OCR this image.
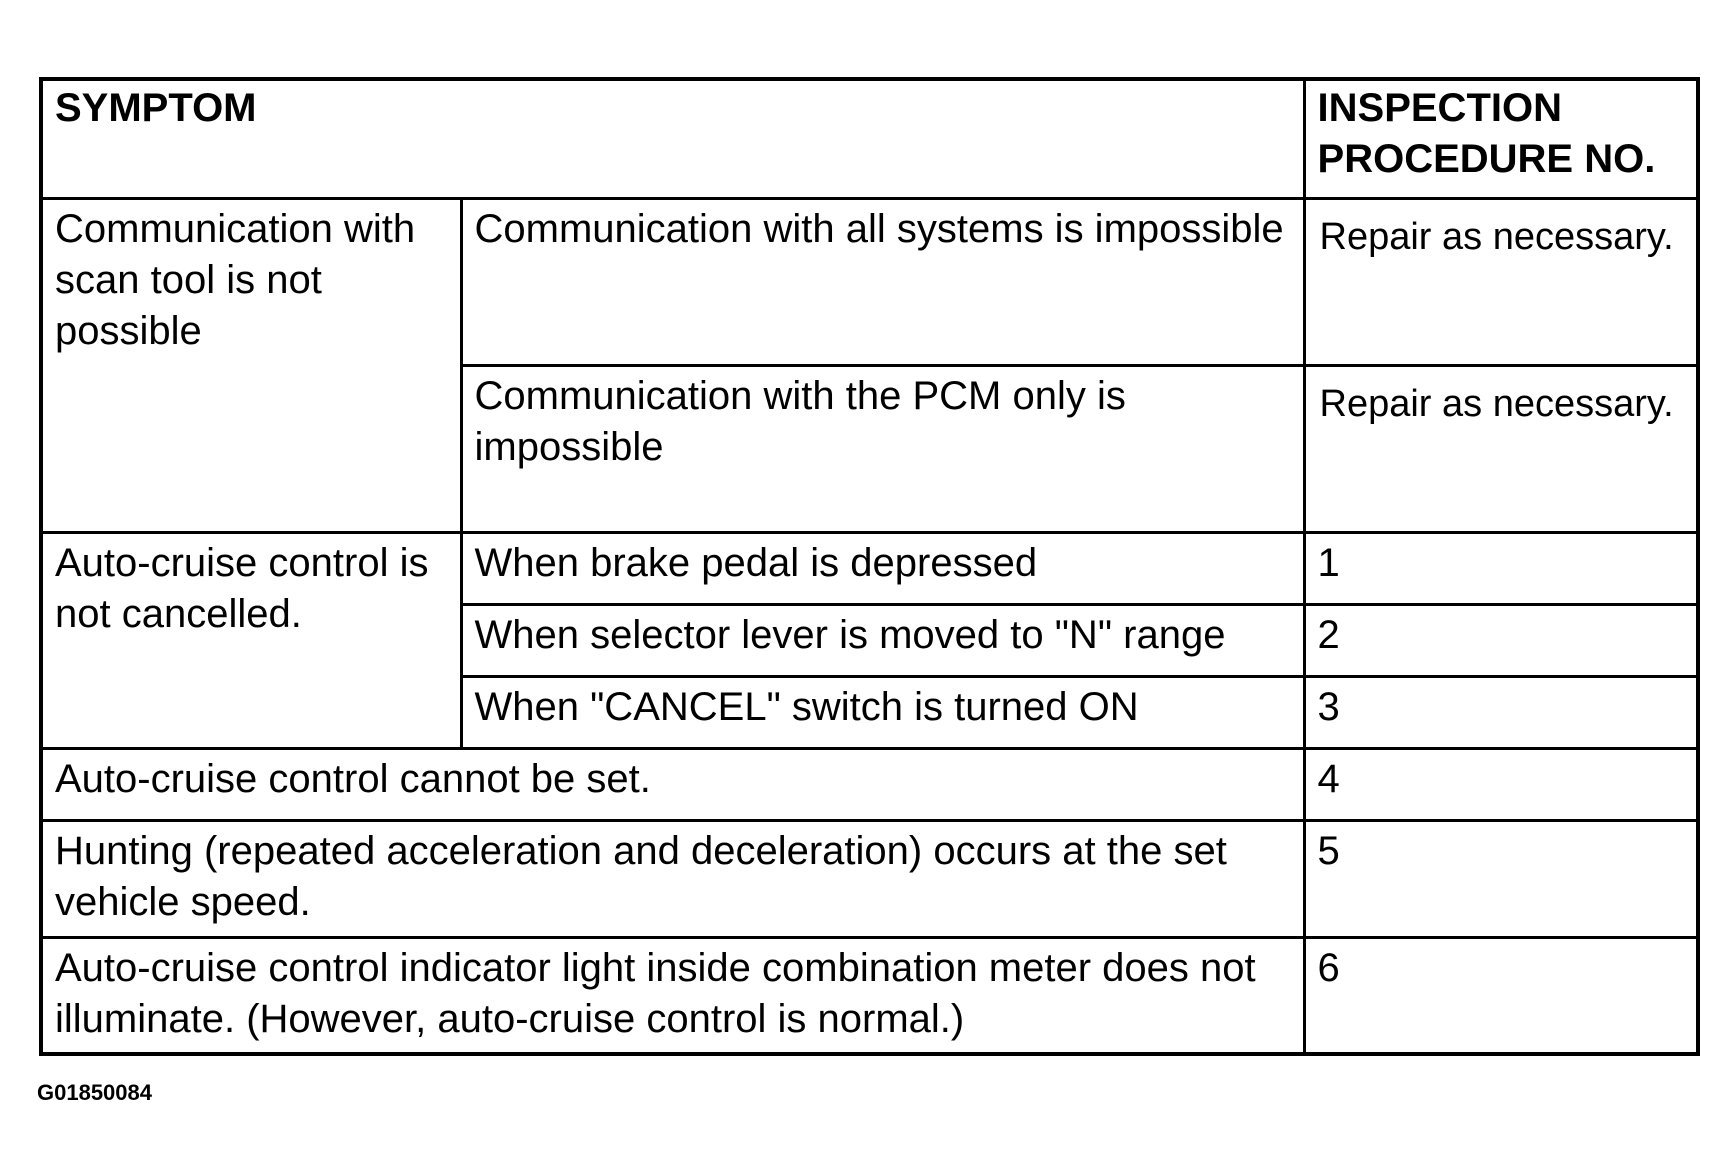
SYMPTOM		INSPECTION PROCEDURE NO.
Communication with scan tool is not possible	Communication with all systems is impossible	Repair as necessary.
	Communication with the PCM only is impossible	Repair as necessary.
Auto-cruise control is not cancelled.	When brake pedal is depressed	1
	When selector lever is moved to "N" range	2
	When "CANCEL" switch is turned ON	3
Auto-cruise control cannot be set.		4
Hunting (repeated acceleration and deceleration) occurs at the set vehicle speed.		5
Auto-cruise control indicator light inside combination meter does not illuminate. (However, auto-cruise control is normal.)		6
G01850084
